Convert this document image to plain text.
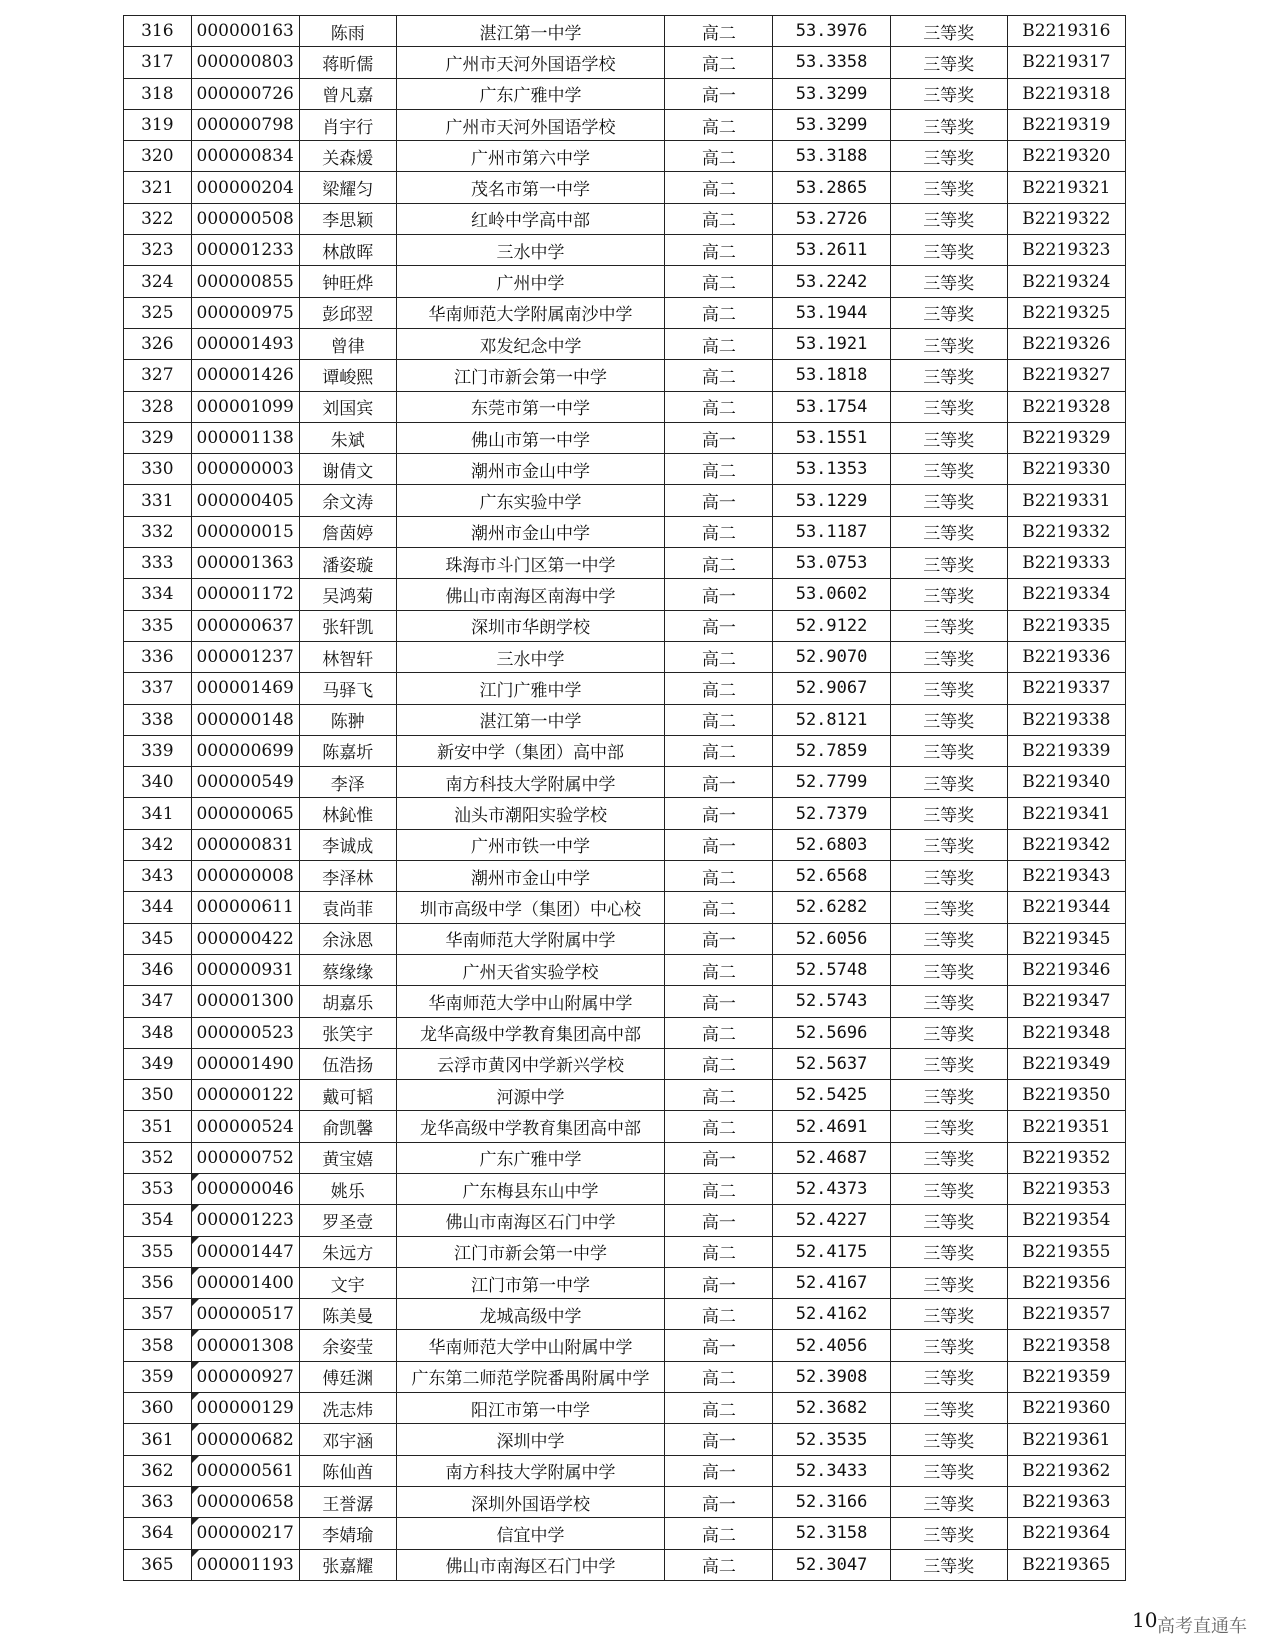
316	000000163	陈雨	湛江第一中学	高二	53.3976	三等奖	B2219316
317	000000803	蒋昕儒	广州市天河外国语学校	高二	53.3358	三等奖	B2219317
318	000000726	曾凡嘉	广东广雅中学	高一	53.3299	三等奖	B2219318
319	000000798	肖宇行	广州市天河外国语学校	高二	53.3299	三等奖	B2219319
320	000000834	关森煖	广州市第六中学	高二	53.3188	三等奖	B2219320
321	000000204	梁耀匀	茂名市第一中学	高二	53.2865	三等奖	B2219321
322	000000508	李思颖	红岭中学高中部	高二	53.2726	三等奖	B2219322
323	000001233	林啟晖	三水中学	高二	53.2611	三等奖	B2219323
324	000000855	钟旺烨	广州中学	高二	53.2242	三等奖	B2219324
325	000000975	彭邱翌	华南师范大学附属南沙中学	高二	53.1944	三等奖	B2219325
326	000001493	曾律	邓发纪念中学	高二	53.1921	三等奖	B2219326
327	000001426	谭峻熙	江门市新会第一中学	高二	53.1818	三等奖	B2219327
328	000001099	刘国宾	东莞市第一中学	高二	53.1754	三等奖	B2219328
329	000001138	朱斌	佛山市第一中学	高一	53.1551	三等奖	B2219329
330	000000003	谢倩文	潮州市金山中学	高二	53.1353	三等奖	B2219330
331	000000405	余文涛	广东实验中学	高一	53.1229	三等奖	B2219331
332	000000015	詹茵婷	潮州市金山中学	高二	53.1187	三等奖	B2219332
333	000001363	潘姿璇	珠海市斗门区第一中学	高二	53.0753	三等奖	B2219333
334	000001172	吴鸿菊	佛山市南海区南海中学	高一	53.0602	三等奖	B2219334
335	000000637	张轩凯	深圳市华朗学校	高一	52.9122	三等奖	B2219335
336	000001237	林智轩	三水中学	高二	52.9070	三等奖	B2219336
337	000001469	马驿飞	江门广雅中学	高二	52.9067	三等奖	B2219337
338	000000148	陈翀	湛江第一中学	高二	52.8121	三等奖	B2219338
339	000000699	陈嘉圻	新安中学（集团）高中部	高二	52.7859	三等奖	B2219339
340	000000549	李泽	南方科技大学附属中学	高一	52.7799	三等奖	B2219340
341	000000065	林鈊惟	汕头市潮阳实验学校	高一	52.7379	三等奖	B2219341
342	000000831	李诚成	广州市铁一中学	高一	52.6803	三等奖	B2219342
343	000000008	李泽林	潮州市金山中学	高二	52.6568	三等奖	B2219343
344	000000611	袁尚菲	圳市高级中学（集团）中心校	高二	52.6282	三等奖	B2219344
345	000000422	余泳恩	华南师范大学附属中学	高一	52.6056	三等奖	B2219345
346	000000931	蔡缘缘	广州天省实验学校	高二	52.5748	三等奖	B2219346
347	000001300	胡嘉乐	华南师范大学中山附属中学	高一	52.5743	三等奖	B2219347
348	000000523	张笑宇	龙华高级中学教育集团高中部	高二	52.5696	三等奖	B2219348
349	000001490	伍浩扬	云浮市黄冈中学新兴学校	高二	52.5637	三等奖	B2219349
350	000000122	戴可韬	河源中学	高二	52.5425	三等奖	B2219350
351	000000524	俞凯馨	龙华高级中学教育集团高中部	高二	52.4691	三等奖	B2219351
352	000000752	黄宝嬉	广东广雅中学	高一	52.4687	三等奖	B2219352
353	000000046	姚乐	广东梅县东山中学	高二	52.4373	三等奖	B2219353
354	000001223	罗圣壹	佛山市南海区石门中学	高一	52.4227	三等奖	B2219354
355	000001447	朱远方	江门市新会第一中学	高二	52.4175	三等奖	B2219355
356	000001400	文宇	江门市第一中学	高一	52.4167	三等奖	B2219356
357	000000517	陈美曼	龙城高级中学	高二	52.4162	三等奖	B2219357
358	000001308	余姿莹	华南师范大学中山附属中学	高一	52.4056	三等奖	B2219358
359	000000927	傅廷渊	广东第二师范学院番禺附属中学	高二	52.3908	三等奖	B2219359
360	000000129	冼志炜	阳江市第一中学	高二	52.3682	三等奖	B2219360
361	000000682	邓宇涵	深圳中学	高一	52.3535	三等奖	B2219361
362	000000561	陈仙酋	南方科技大学附属中学	高一	52.3433	三等奖	B2219362
363	000000658	王誉潺	深圳外国语学校	高一	52.3166	三等奖	B2219363
364	000000217	李婧瑜	信宜中学	高二	52.3158	三等奖	B2219364
365	000001193	张嘉耀	佛山市南海区石门中学	高二	52.3047	三等奖	B2219365
10 高考直通车
